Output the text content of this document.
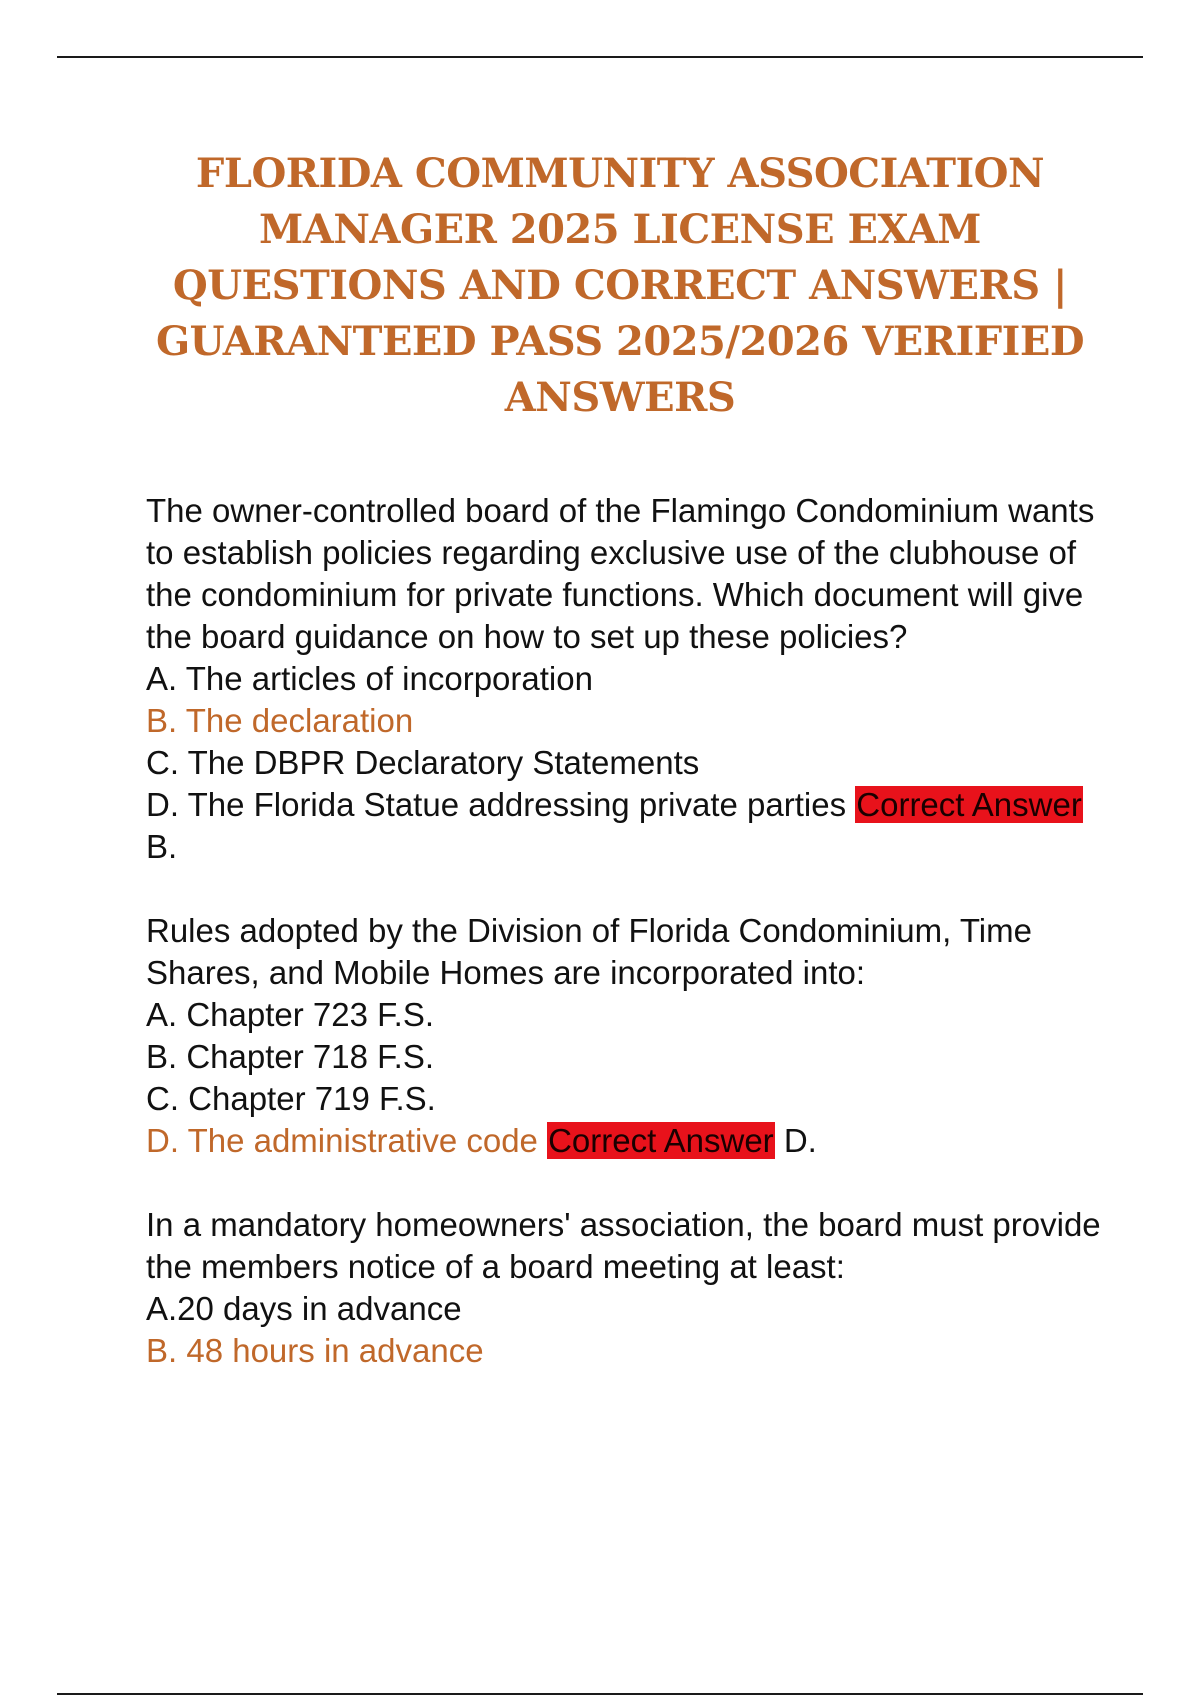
FLORIDA COMMUNITY ASSOCIATION
MANAGER 2025 LICENSE EXAM
QUESTIONS AND CORRECT ANSWERS |
GUARANTEED PASS 2025/2026 VERIFIED
ANSWERS

The owner-controlled board of the Flamingo Condominium wants to establish policies regarding exclusive use of the clubhouse of the condominium for private functions. Which document will give the board guidance on how to set up these policies?

A. The articles of incorporation

B. The declaration

C. The DBPR Declaratory Statements

D. The Florida Statue addressing private parties Correct Answer B.

Rules adopted by the Division of Florida Condominium, Time Shares, and Mobile Homes are incorporated into:

A. Chapter 723 F.S.

B. Chapter 718 F.S.

C. Chapter 719 F.S.

D. The administrative code Correct Answer D.

In a mandatory homeowners' association, the board must provide the members notice of a board meeting at least:

A.20 days in advance

B. 48 hours in advance
